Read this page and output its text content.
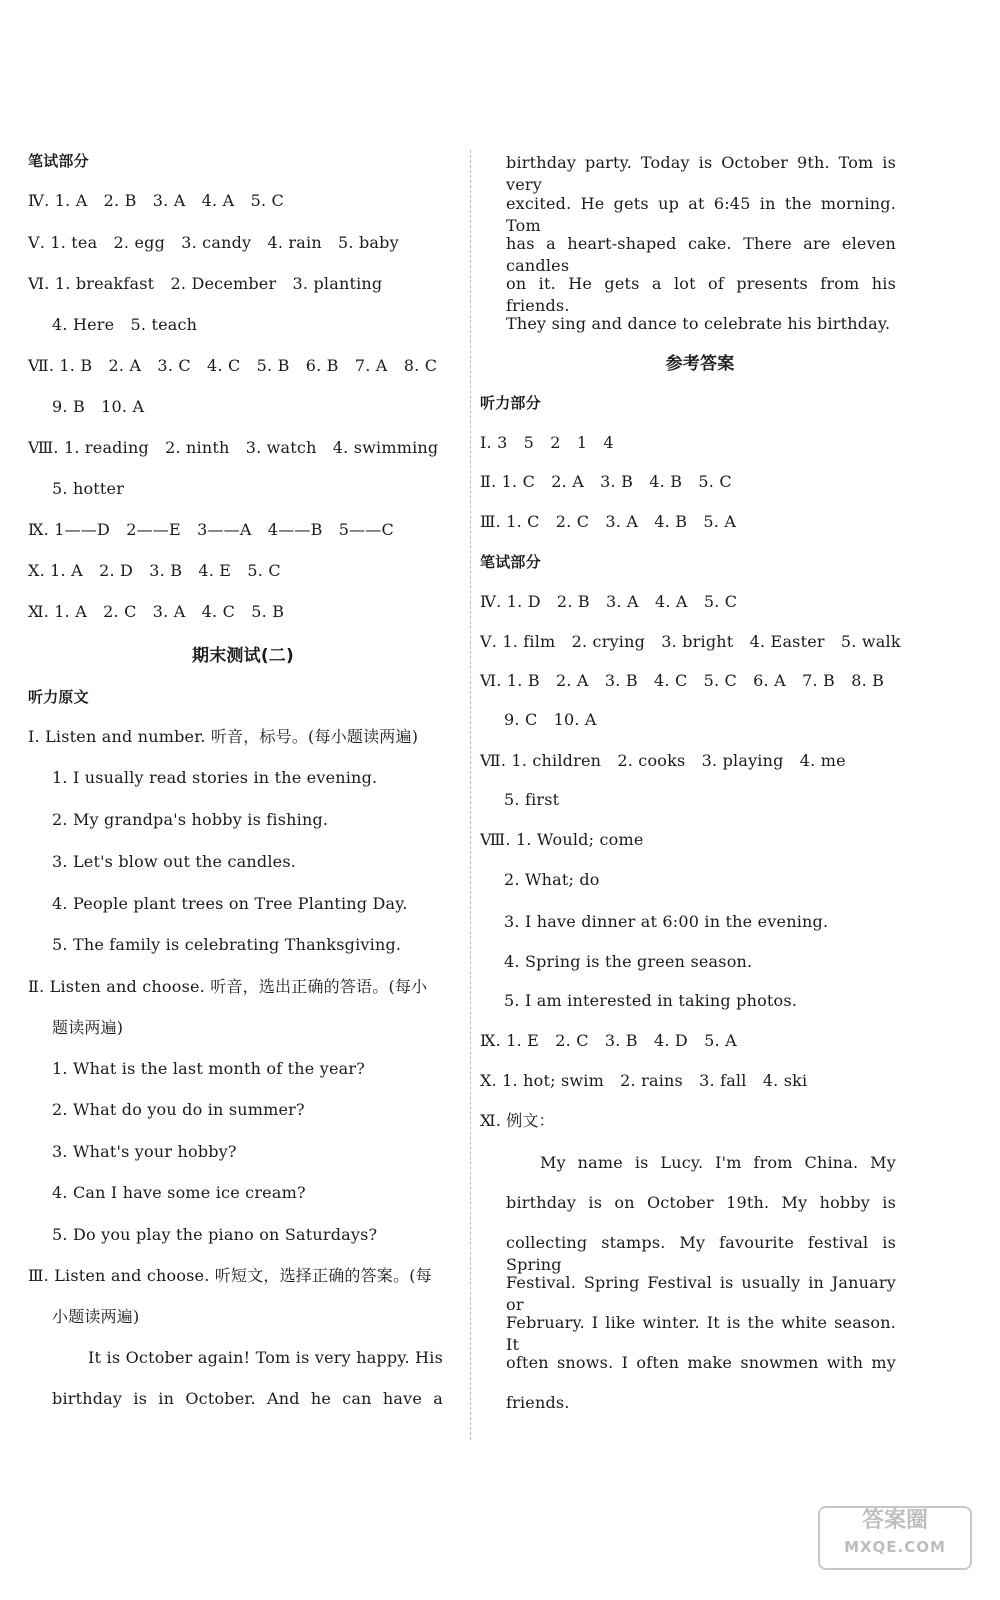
笔试部分
Ⅳ. 1. A　2. B　3. A　4. A　5. C
Ⅴ. 1. tea　2. egg　3. candy　4. rain　5. baby
Ⅵ. 1. breakfast　2. December　3. planting
4. Here　5. teach
Ⅶ. 1. B　2. A　3. C　4. C　5. B　6. B　7. A　8. C
9. B　10. A
Ⅷ. 1. reading　2. ninth　3. watch　4. swimming
5. hotter
Ⅸ. 1——D　2——E　3——A　4——B　5——C
Ⅹ. 1. A　2. D　3. B　4. E　5. C
Ⅺ. 1. A　2. C　3. A　4. C　5. B
期末测试(二)
听力原文
Ⅰ. Listen and number. 听音，标号。(每小题读两遍)
1. I usually read stories in the evening.
2. My grandpa's hobby is fishing.
3. Let's blow out the candles.
4. People plant trees on Tree Planting Day.
5. The family is celebrating Thanksgiving.
Ⅱ. Listen and choose. 听音，选出正确的答语。(每小
题读两遍)
1. What is the last month of the year?
2. What do you do in summer?
3. What's your hobby?
4. Can I have some ice cream?
5. Do you play the piano on Saturdays?
Ⅲ. Listen and choose. 听短文，选择正确的答案。(每
小题读两遍)
It is October again! Tom is very happy. His
birthday is in October. And he can have a
birthday party. Today is October 9th. Tom is very
excited. He gets up at 6:45 in the morning. Tom
has a heart-shaped cake. There are eleven candles
on it. He gets a lot of presents from his friends.
They sing and dance to celebrate his birthday.
参考答案
听力部分
Ⅰ. 3　5　2　1　4
Ⅱ. 1. C　2. A　3. B　4. B　5. C
Ⅲ. 1. C　2. C　3. A　4. B　5. A
笔试部分
Ⅳ. 1. D　2. B　3. A　4. A　5. C
Ⅴ. 1. film　2. crying　3. bright　4. Easter　5. walk
Ⅵ. 1. B　2. A　3. B　4. C　5. C　6. A　7. B　8. B
9. C　10. A
Ⅶ. 1. children　2. cooks　3. playing　4. me
5. first
Ⅷ. 1. Would; come
2. What; do
3. I have dinner at 6:00 in the evening.
4. Spring is the green season.
5. I am interested in taking photos.
Ⅸ. 1. E　2. C　3. B　4. D　5. A
Ⅹ. 1. hot; swim　2. rains　3. fall　4. ski
Ⅺ. 例文：
My name is Lucy. I'm from China. My
birthday is on October 19th. My hobby is
collecting stamps. My favourite festival is Spring
Festival. Spring Festival is usually in January or
February. I like winter. It is the white season. It
often snows. I often make snowmen with my
friends.
答案圈
MXQE.COM
